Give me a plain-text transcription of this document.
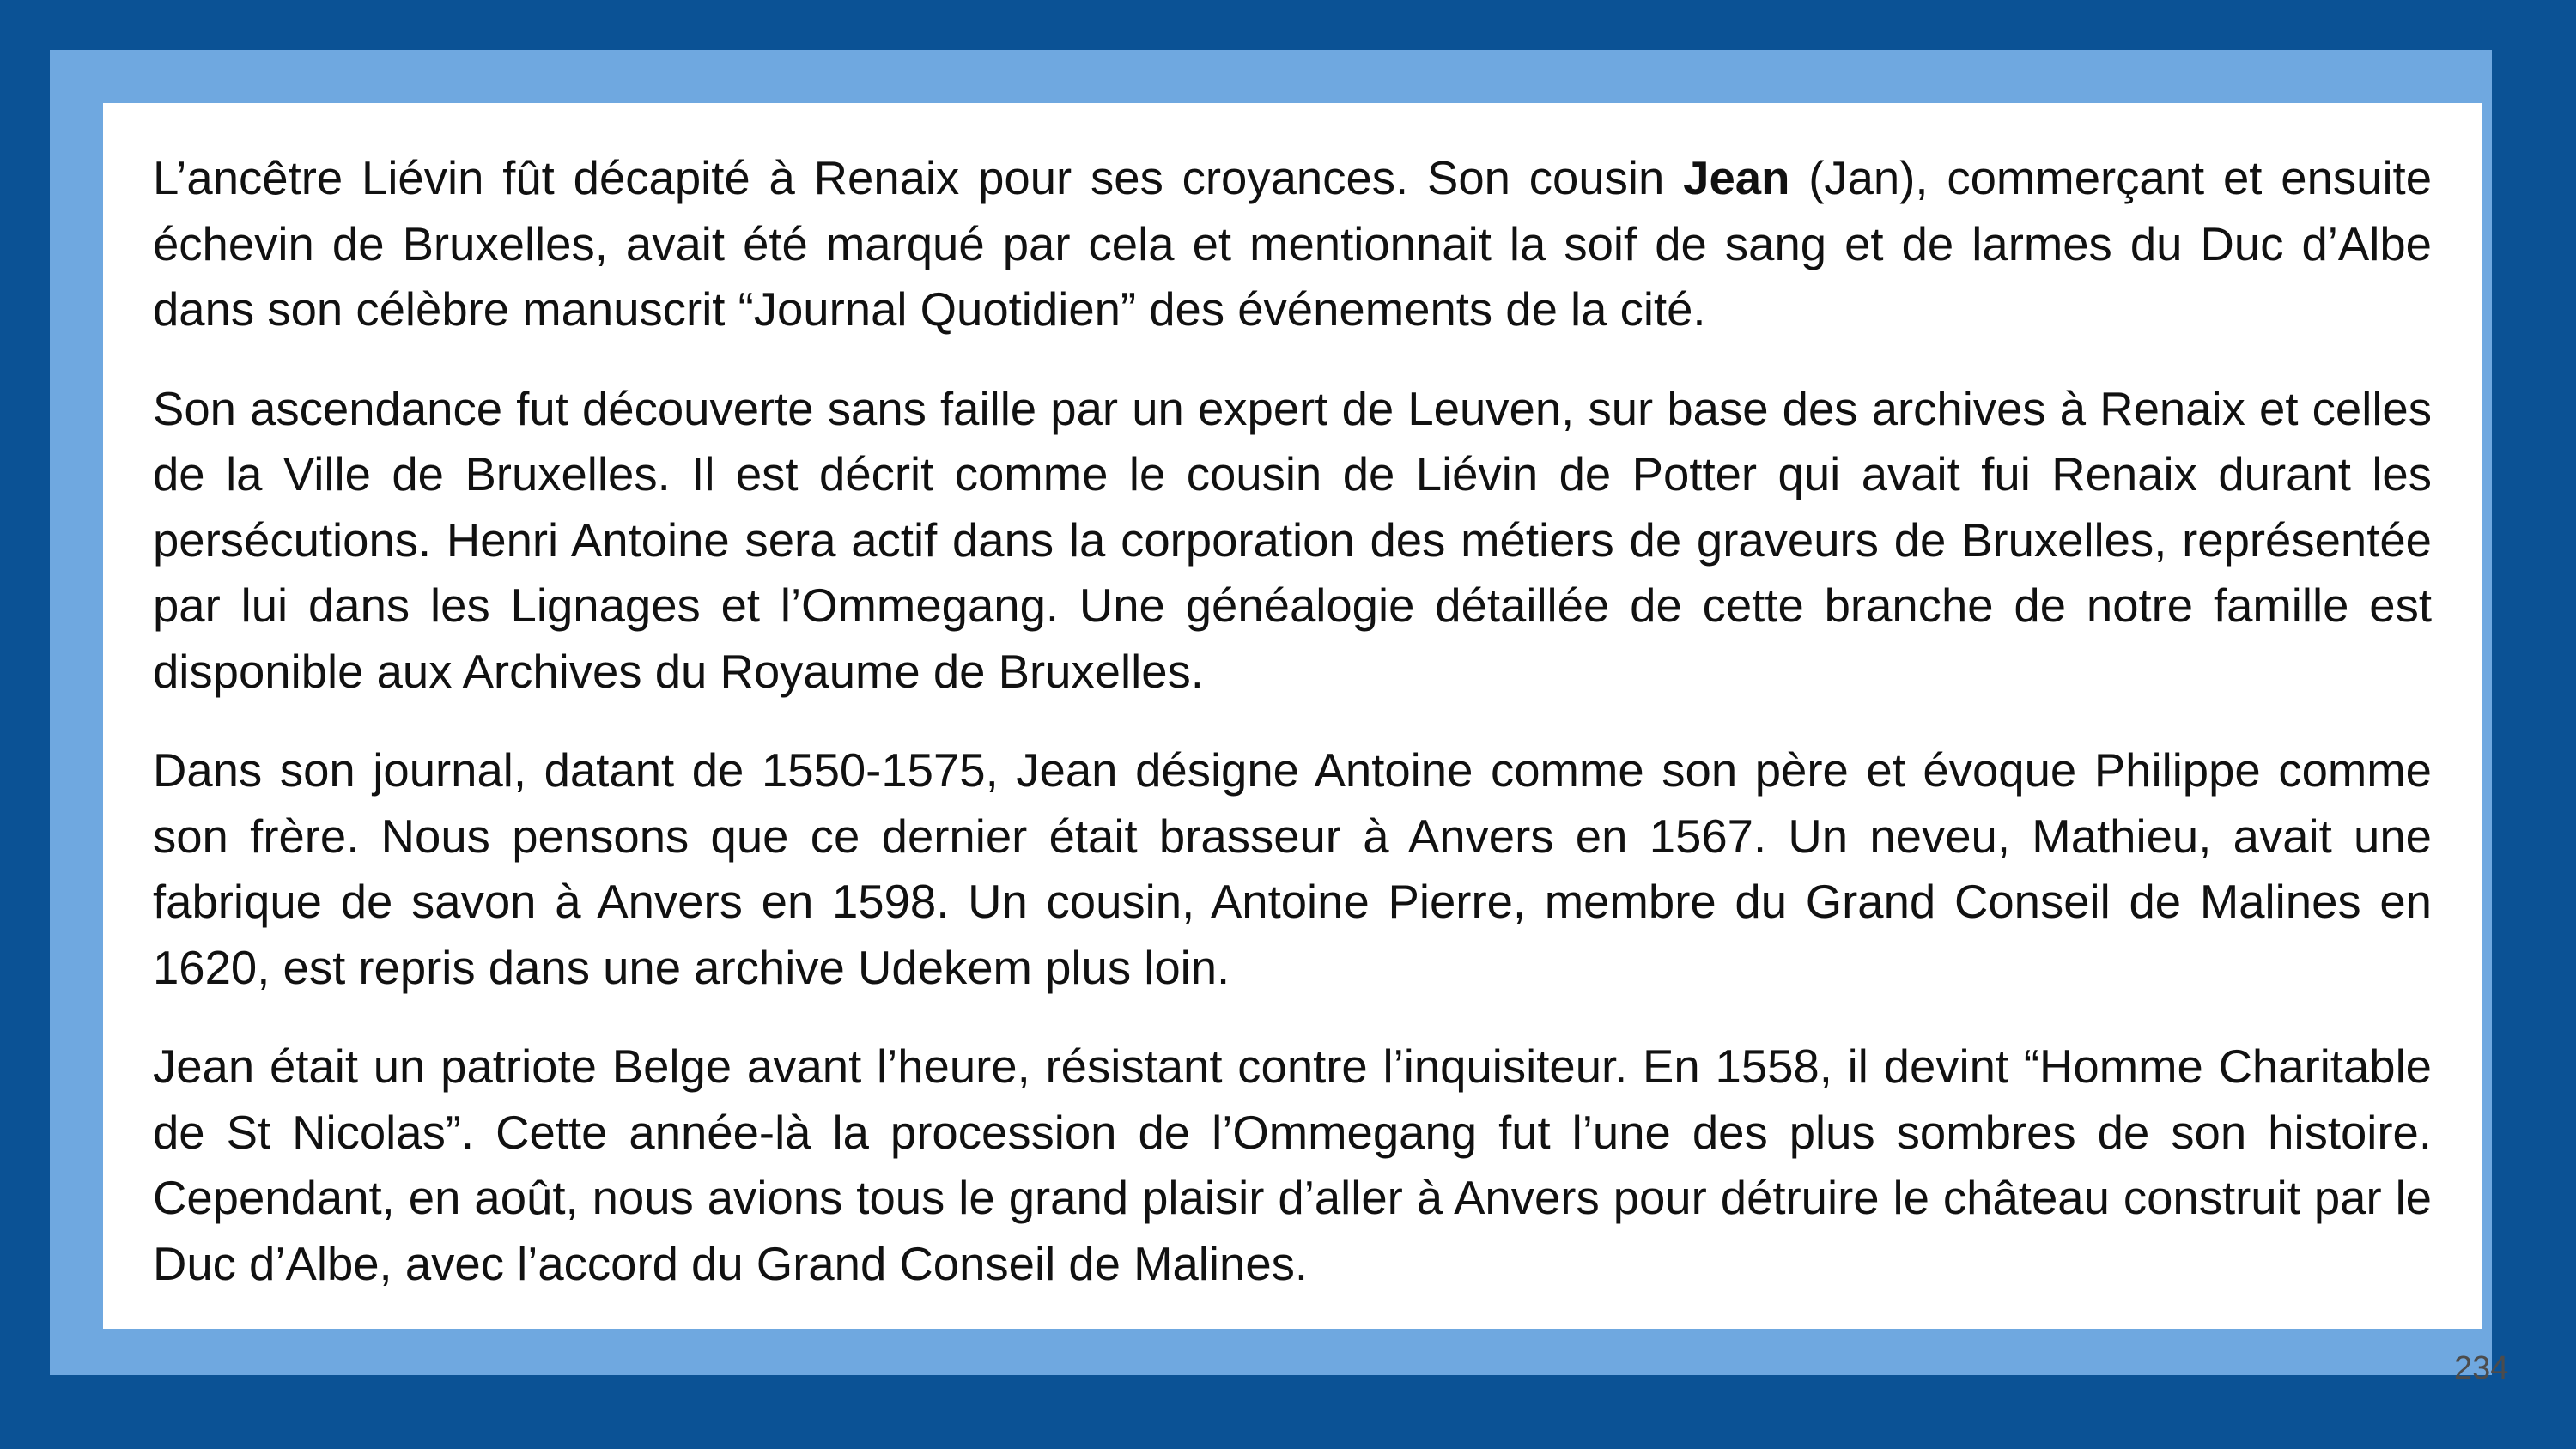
L’ancêtre Liévin fût décapité à Renaix pour ses croyances. Son cousin Jean (Jan), commerçant et ensuite échevin de Bruxelles, avait été marqué par cela et mentionnait la soif de sang et de larmes du Duc d’Albe dans son célèbre manuscrit “Journal Quotidien” des événements de la cité.

Son ascendance fut découverte sans faille par un expert de Leuven, sur base des archives à Renaix et celles de la Ville de Bruxelles. Il est décrit comme le cousin de Liévin de Potter qui avait fui Renaix durant les persécutions. Henri Antoine sera actif dans la corporation des métiers de graveurs de Bruxelles, représentée par lui dans les Lignages et l’Ommegang. Une généalogie détaillée de cette branche de notre famille est disponible aux Archives du Royaume de Bruxelles.

Dans son journal, datant de 1550-1575, Jean désigne Antoine comme son père et évoque Philippe comme son frère. Nous pensons que ce dernier était brasseur à Anvers en 1567. Un neveu, Mathieu, avait une fabrique de savon à Anvers en 1598. Un cousin, Antoine Pierre, membre du Grand Conseil de Malines en 1620, est repris dans une archive Udekem plus loin.

Jean était un patriote Belge avant l’heure, résistant contre l’inquisiteur. En 1558, il devint “Homme Charitable de St Nicolas”. Cette année-là la procession de l’Ommegang fut l’une des plus sombres de son histoire. Cependant, en août, nous avions tous le grand plaisir d’aller à Anvers pour détruire le château construit par le Duc d’Albe, avec l’accord du Grand Conseil de Malines.

234
